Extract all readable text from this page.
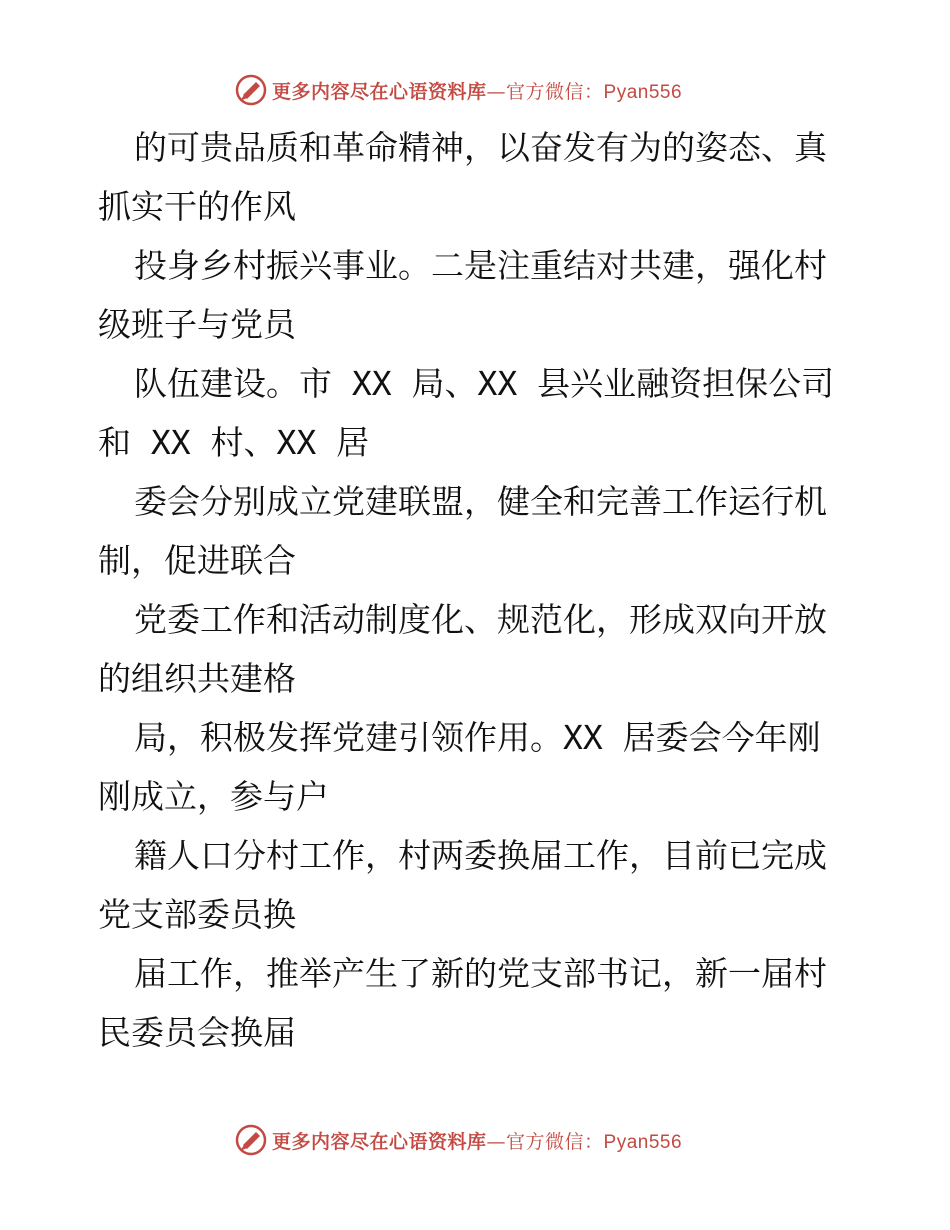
更多内容尽在心语资料库—官方微信：Pyan556
的可贵品质和革命精神，以奋发有为的姿态、真
抓实干的作风
投身乡村振兴事业。二是注重结对共建，强化村
级班子与党员
队伍建设。市 XX 局、XX 县兴业融资担保公司
和 XX 村、XX 居
委会分别成立党建联盟，健全和完善工作运行机
制，促进联合
党委工作和活动制度化、规范化，形成双向开放
的组织共建格
局，积极发挥党建引领作用。XX 居委会今年刚
刚成立，参与户
籍人口分村工作，村两委换届工作，目前已完成
党支部委员换
届工作，推举产生了新的党支部书记，新一届村
民委员会换届
更多内容尽在心语资料库—官方微信：Pyan556
